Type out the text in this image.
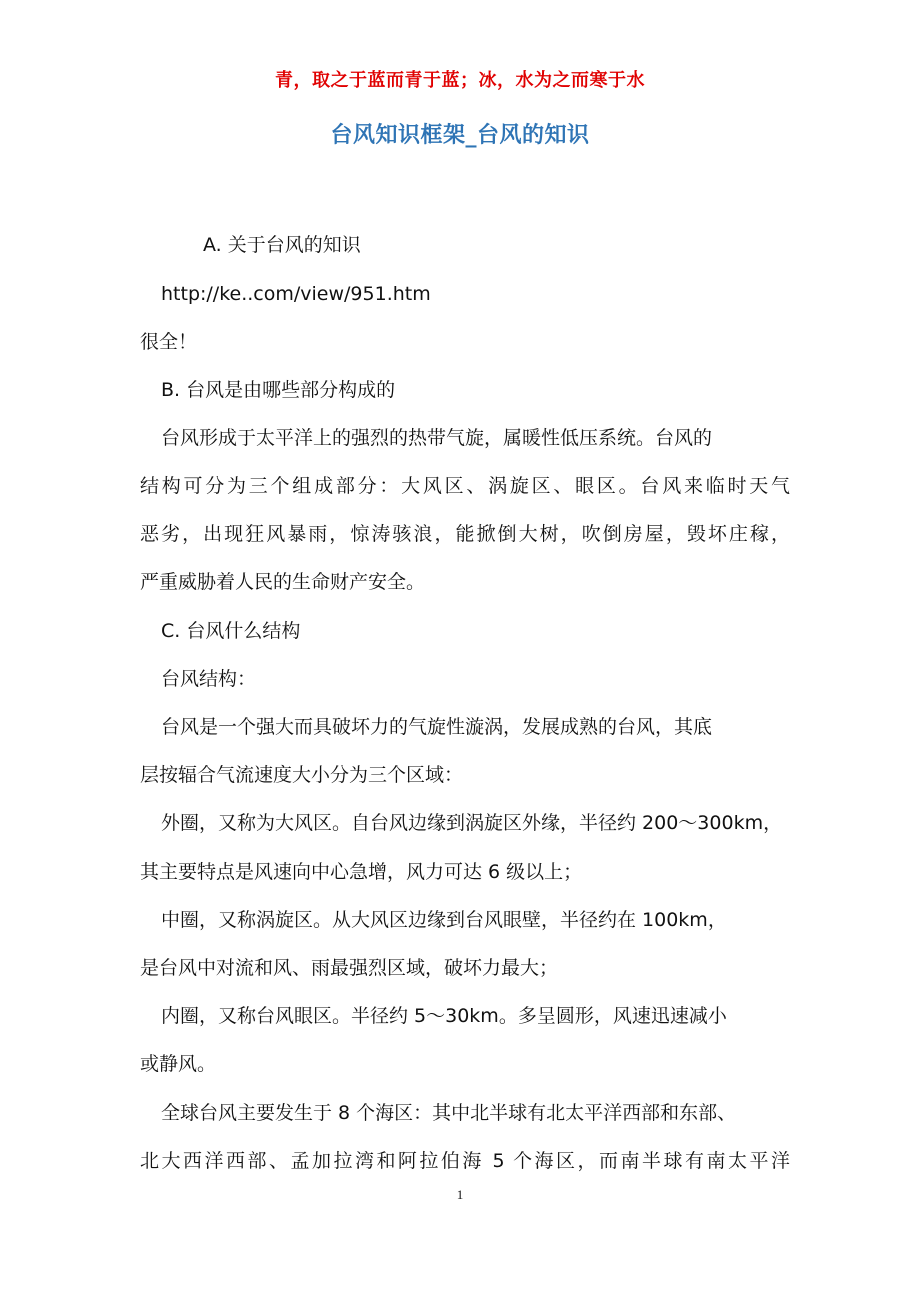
青，取之于蓝而青于蓝；冰，水为之而寒于水
台风知识框架_台风的知识
A. 关于台风的知识
http://ke..com/view/951.htm
很全！
B. 台风是由哪些部分构成的
台风形成于太平洋上的强烈的热带气旋，属暖性低压系统。台风的
结构可分为三个组成部分：大风区、涡旋区、眼区。台风来临时天气
恶劣，出现狂风暴雨，惊涛骇浪，能掀倒大树，吹倒房屋，毁坏庄稼，
严重威胁着人民的生命财产安全。
C. 台风什么结构
台风结构：
台风是一个强大而具破坏力的气旋性漩涡，发展成熟的台风，其底
层按辐合气流速度大小分为三个区域：
外圈，又称为大风区。自台风边缘到涡旋区外缘，半径约 200～300km，
其主要特点是风速向中心急增，风力可达 6 级以上；
中圈，又称涡旋区。从大风区边缘到台风眼壁，半径约在 100km，
是台风中对流和风、雨最强烈区域，破坏力最大；
内圈，又称台风眼区。半径约 5～30km。多呈圆形，风速迅速减小
或静风。
全球台风主要发生于 8 个海区：其中北半球有北太平洋西部和东部、
北大西洋西部、孟加拉湾和阿拉伯海 5 个海区，而南半球有南太平洋
1
